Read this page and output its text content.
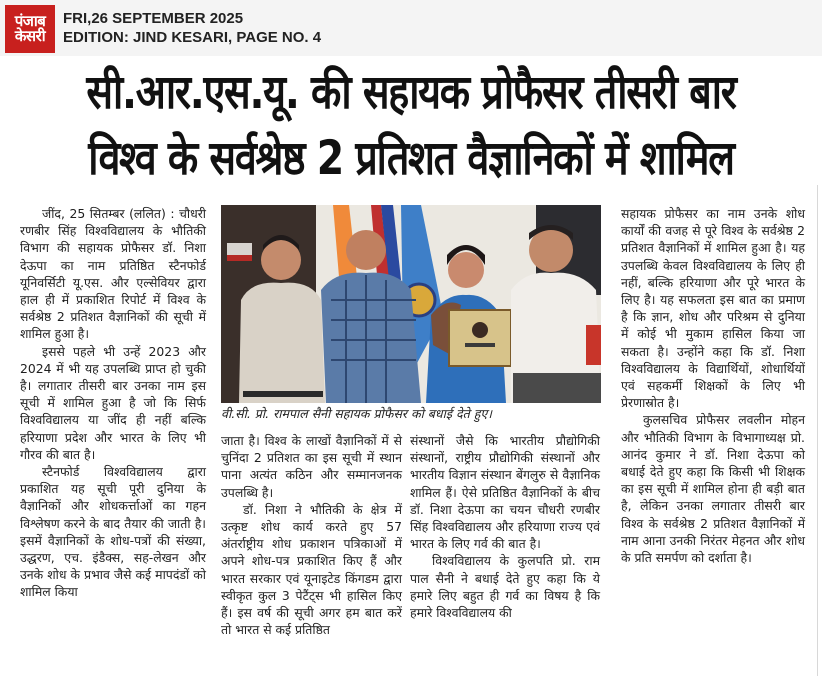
पंजाब
केसरी
FRI,26 SEPTEMBER 2025
EDITION: JIND KESARI, PAGE NO. 4
सी.आर.एस.यू. की सहायक प्रोफैसर तीसरी बार
विश्व के सर्वश्रेष्ठ 2 प्रतिशत वैज्ञानिकों में शामिल

जींद, 25 सितम्बर (ललित) : चौधरी रणबीर सिंह विश्वविद्यालय के भौतिकी विभाग की सहायक प्रोफैसर डॉ. निशा देऊपा का नाम प्रतिष्ठित स्टैनफोर्ड यूनिवर्सिटी यू.एस. और एल्सेवियर द्वारा हाल ही में प्रकाशित रिपोर्ट में विश्व के सर्वश्रेष्ठ 2 प्रतिशत वैज्ञानिकों की सूची में शामिल हुआ है।

इससे पहले भी उन्हें 2023 और 2024 में भी यह उपलब्धि प्राप्त हो चुकी है। लगातार तीसरी बार उनका नाम इस सूची में शामिल हुआ है जो कि सिर्फ विश्वविद्यालय या जींद ही नहीं बल्कि हरियाणा प्रदेश और भारत के लिए भी गौरव की बात है।

स्टैनफोर्ड विश्वविद्यालय द्वारा प्रकाशित यह सूची पूरी दुनिया के वैज्ञानिकों और शोधकर्त्ताओं का गहन विश्लेषण करने के बाद तैयार की जाती है। इसमें वैज्ञानिकों के शोध-पत्रों की संख्या, उद्धरण, एच. इंडैक्स, सह-लेखन और उनके शोध के प्रभाव जैसे कई मापदंडों को शामिल किया

वी.सी. प्रो. रामपाल सैनी सहायक प्रोफैसर को बधाई देते हुए।

जाता है। विश्व के लाखों वैज्ञानिकों में से चुनिंदा 2 प्रतिशत का इस सूची में स्थान पाना अत्यंत कठिन और सम्मानजनक उपलब्धि है।

डॉ. निशा ने भौतिकी के क्षेत्र में उत्कृष्ट शोध कार्य करते हुए 57 अंतर्राष्ट्रीय शोध प्रकाशन पत्रिकाओं में अपने शोध-पत्र प्रकाशित किए हैं और भारत सरकार एवं यूनाइटेड किंगडम द्वारा स्वीकृत कुल 3 पेटैंट्स भी हासिल किए हैं। इस वर्ष की सूची अगर हम बात करें तो भारत से कई प्रतिष्ठित

संस्थानों जैसे कि भारतीय प्रौद्योगिकी संस्थानों, राष्ट्रीय प्रौद्योगिकी संस्थानों और भारतीय विज्ञान संस्थान बेंगलुरु से वैज्ञानिक शामिल हैं। ऐसे प्रतिष्ठित वैज्ञानिकों के बीच डॉ. निशा देऊपा का चयन चौधरी रणबीर सिंह विश्वविद्यालय और हरियाणा राज्य एवं भारत के लिए गर्व की बात है।

विश्वविद्यालय के कुलपति प्रो. राम पाल सैनी ने बधाई देते हुए कहा कि ये हमारे लिए बहुत ही गर्व का विषय है कि हमारे विश्वविद्यालय की

सहायक प्रोफैसर का नाम उनके शोध कार्यों की वजह से पूरे विश्व के सर्वश्रेष्ठ 2 प्रतिशत वैज्ञानिकों में शामिल हुआ है। यह उपलब्धि केवल विश्वविद्यालय के लिए ही नहीं, बल्कि हरियाणा और पूरे भारत के लिए है। यह सफलता इस बात का प्रमाण है कि ज्ञान, शोध और परिश्रम से दुनिया में कोई भी मुकाम हासिल किया जा सकता है। उन्होंने कहा कि डॉ. निशा विश्वविद्यालय के विद्यार्थियों, शोधार्थियों एवं सहकर्मी शिक्षकों के लिए भी प्रेरणास्रोत है।

कुलसचिव प्रोफैसर लवलीन मोहन और भौतिकी विभाग के विभागाध्यक्ष प्रो. आनंद कुमार ने डॉ. निशा देऊपा को बधाई देते हुए कहा कि किसी भी शिक्षक का इस सूची में शामिल होना ही बड़ी बात है, लेकिन उनका लगातार तीसरी बार विश्व के सर्वश्रेष्ठ 2 प्रतिशत वैज्ञानिकों में नाम आना उनकी निरंतर मेहनत और शोध के प्रति समर्पण को दर्शाता है।
